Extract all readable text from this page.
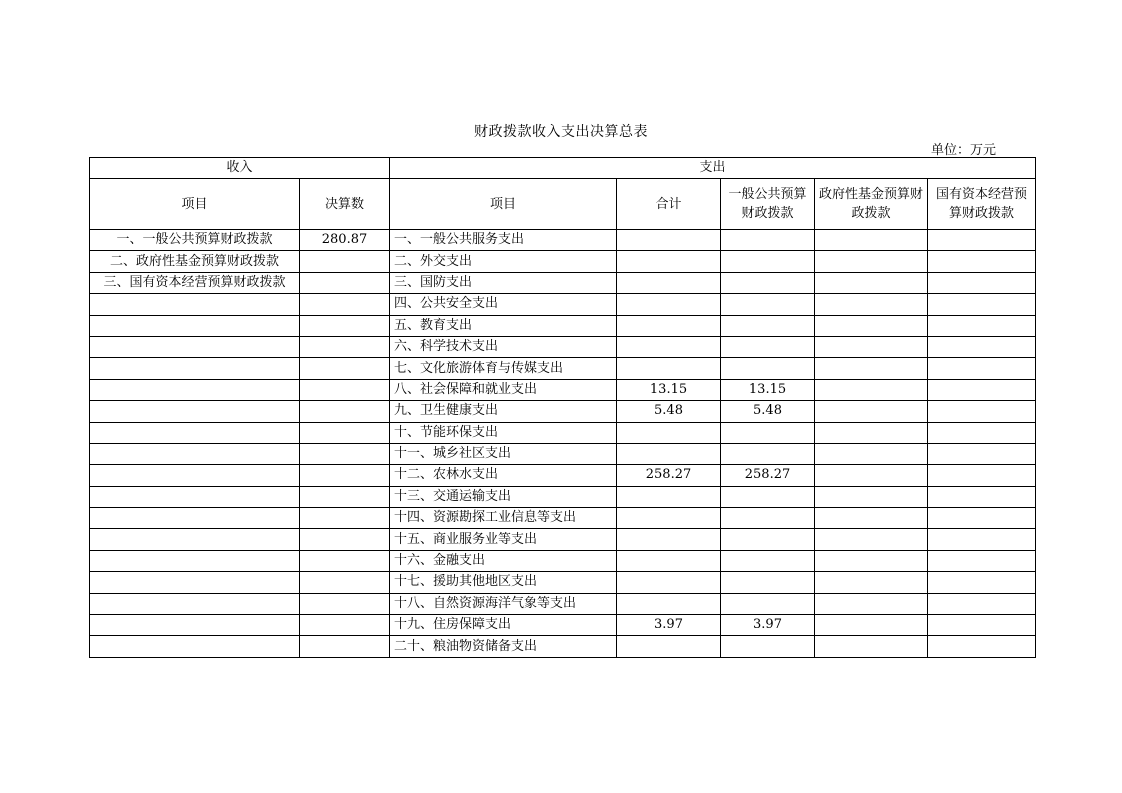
财政拨款收入支出决算总表
单位：万元
收入		支出				
项目	决算数	项目	合计	一般公共预算财政拨款	政府性基金预算财政拨款	国有资本经营预算财政拨款
一、一般公共预算财政拨款	280.87	一、一般公共服务支出				
二、政府性基金预算财政拨款		二、外交支出				
三、国有资本经营预算财政拨款		三、国防支出				
		四、公共安全支出				
		五、教育支出				
		六、科学技术支出				
		七、文化旅游体育与传媒支出				
		八、社会保障和就业支出	13.15	13.15		
		九、卫生健康支出	5.48	5.48		
		十、节能环保支出				
		十一、城乡社区支出				
		十二、农林水支出	258.27	258.27		
		十三、交通运输支出				
		十四、资源勘探工业信息等支出				
		十五、商业服务业等支出				
		十六、金融支出				
		十七、援助其他地区支出				
		十八、自然资源海洋气象等支出				
		十九、住房保障支出	3.97	3.97		
		二十、粮油物资储备支出				
